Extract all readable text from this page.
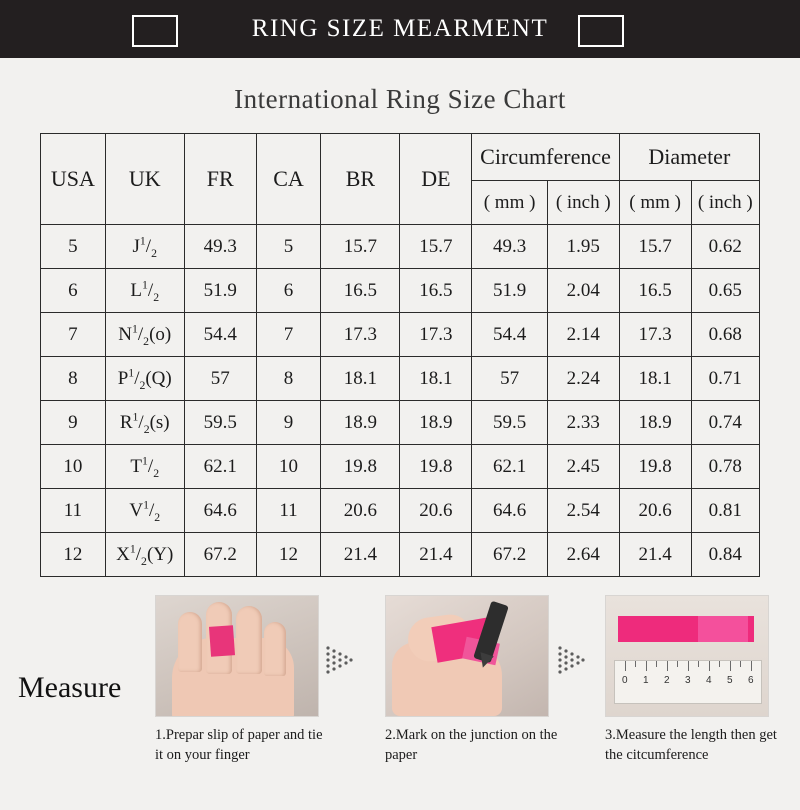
RING SIZE MEARMENT
International Ring Size Chart
USA	UK	FR	CA	BR	DE	Circumference		Diameter	
						( mm )	( inch )	( mm )	( inch )
5	$J^1/_2$	49.3	5	15.7	15.7	49.3	1.95	15.7	0.62
6	$L^1/_2$	51.9	6	16.5	16.5	51.9	2.04	16.5	0.65
7	$N^1/_2(o)$	54.4	7	17.3	17.3	54.4	2.14	17.3	0.68
8	$P^1/_2(Q)$	57	8	18.1	18.1	57	2.24	18.1	0.71
9	$R^1/_2(s)$	59.5	9	18.9	18.9	59.5	2.33	18.9	0.74
10	$T^1/_2$	62.1	10	19.8	19.8	62.1	2.45	19.8	0.78
11	$V^1/_2$	64.6	11	20.6	20.6	64.6	2.54	20.6	0.81
12	$X^1/_2(Y)$	67.2	12	21.4	21.4	67.2	2.64	21.4	0.84
Measure
1.Prepar slip of paper and tie it on your finger
2.Mark on the junction on the paper
0 1 2 3 4 5 6
3.Measure the length then get the citcumference
